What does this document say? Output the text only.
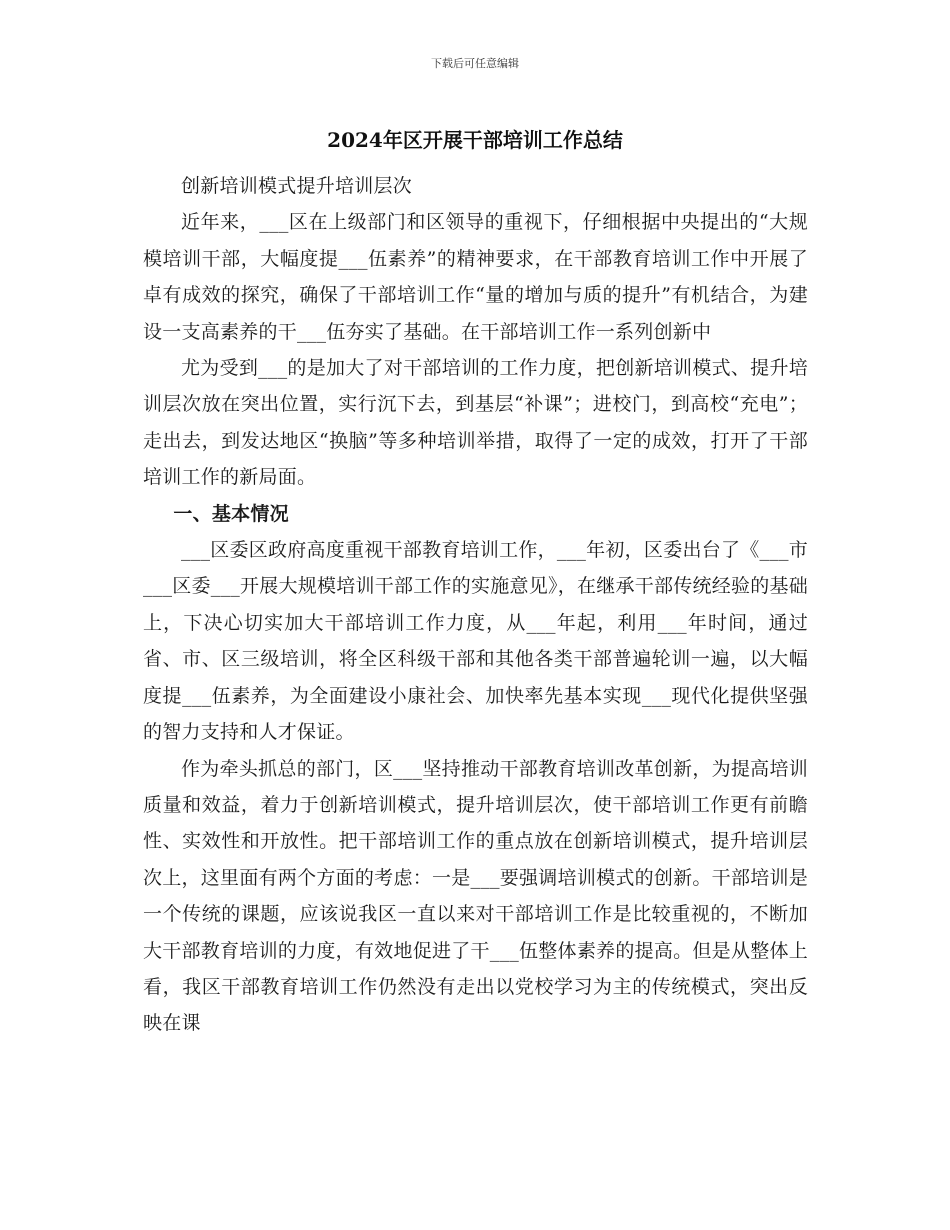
下载后可任意编辑
2024年区开展干部培训工作总结

创新培训模式提升培训层次

近年来，___区在上级部门和区领导的重视下，仔细根据中央提出的“大规模培训干部，大幅度提___伍素养”的精神要求，在干部教育培训工作中开展了卓有成效的探究，确保了干部培训工作“量的增加与质的提升”有机结合，为建设一支高素养的干___伍夯实了基础。在干部培训工作一系列创新中

尤为受到___的是加大了对干部培训的工作力度，把创新培训模式、提升培训层次放在突出位置，实行沉下去，到基层“补课”；进校门，到高校“充电”；走出去，到发达地区“换脑”等多种培训举措，取得了一定的成效，打开了干部培训工作的新局面。

一、基本情况

___区委区政府高度重视干部教育培训工作，___年初，区委出台了《___市___区委___开展大规模培训干部工作的实施意见》，在继承干部传统经验的基础上，下决心切实加大干部培训工作力度，从___年起，利用___年时间，通过省、市、区三级培训，将全区科级干部和其他各类干部普遍轮训一遍，以大幅度提___伍素养，为全面建设小康社会、加快率先基本实现___现代化提供坚强的智力支持和人才保证。

作为牵头抓总的部门，区___坚持推动干部教育培训改革创新，为提高培训质量和效益，着力于创新培训模式，提升培训层次，使干部培训工作更有前瞻性、实效性和开放性。把干部培训工作的重点放在创新培训模式，提升培训层次上，这里面有两个方面的考虑：一是___要强调培训模式的创新。干部培训是一个传统的课题，应该说我区一直以来对干部培训工作是比较重视的，不断加大干部教育培训的力度，有效地促进了干___伍整体素养的提高。但是从整体上看，我区干部教育培训工作仍然没有走出以党校学习为主的传统模式，突出反映在课
